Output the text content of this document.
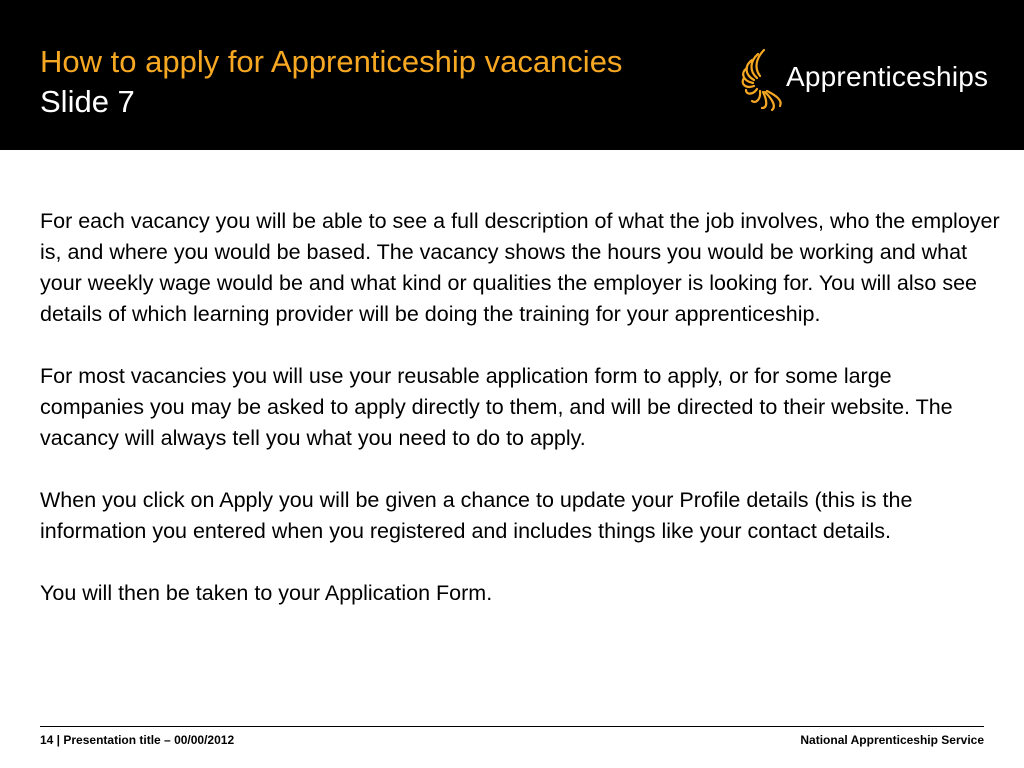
How to apply for Apprenticeship vacancies
Slide 7
Apprenticeships

For each vacancy you will be able to see a full description of what the job involves, who the employer is, and where you would be based. The vacancy shows the hours you would be working and what your weekly wage would be and what kind or qualities the employer is looking for. You will also see details of which learning provider will be doing the training for your apprenticeship.

For most vacancies you will use your reusable application form to apply, or for some large companies you may be asked to apply directly to them, and will be directed to their website. The vacancy will always tell you what you need to do to apply.

When you click on Apply you will be given a chance to update your Profile details (this is the information you entered when you registered and includes things like your contact details.

You will then be taken to your Application Form.

14 | Presentation title – 00/00/2012	National Apprenticeship Service
